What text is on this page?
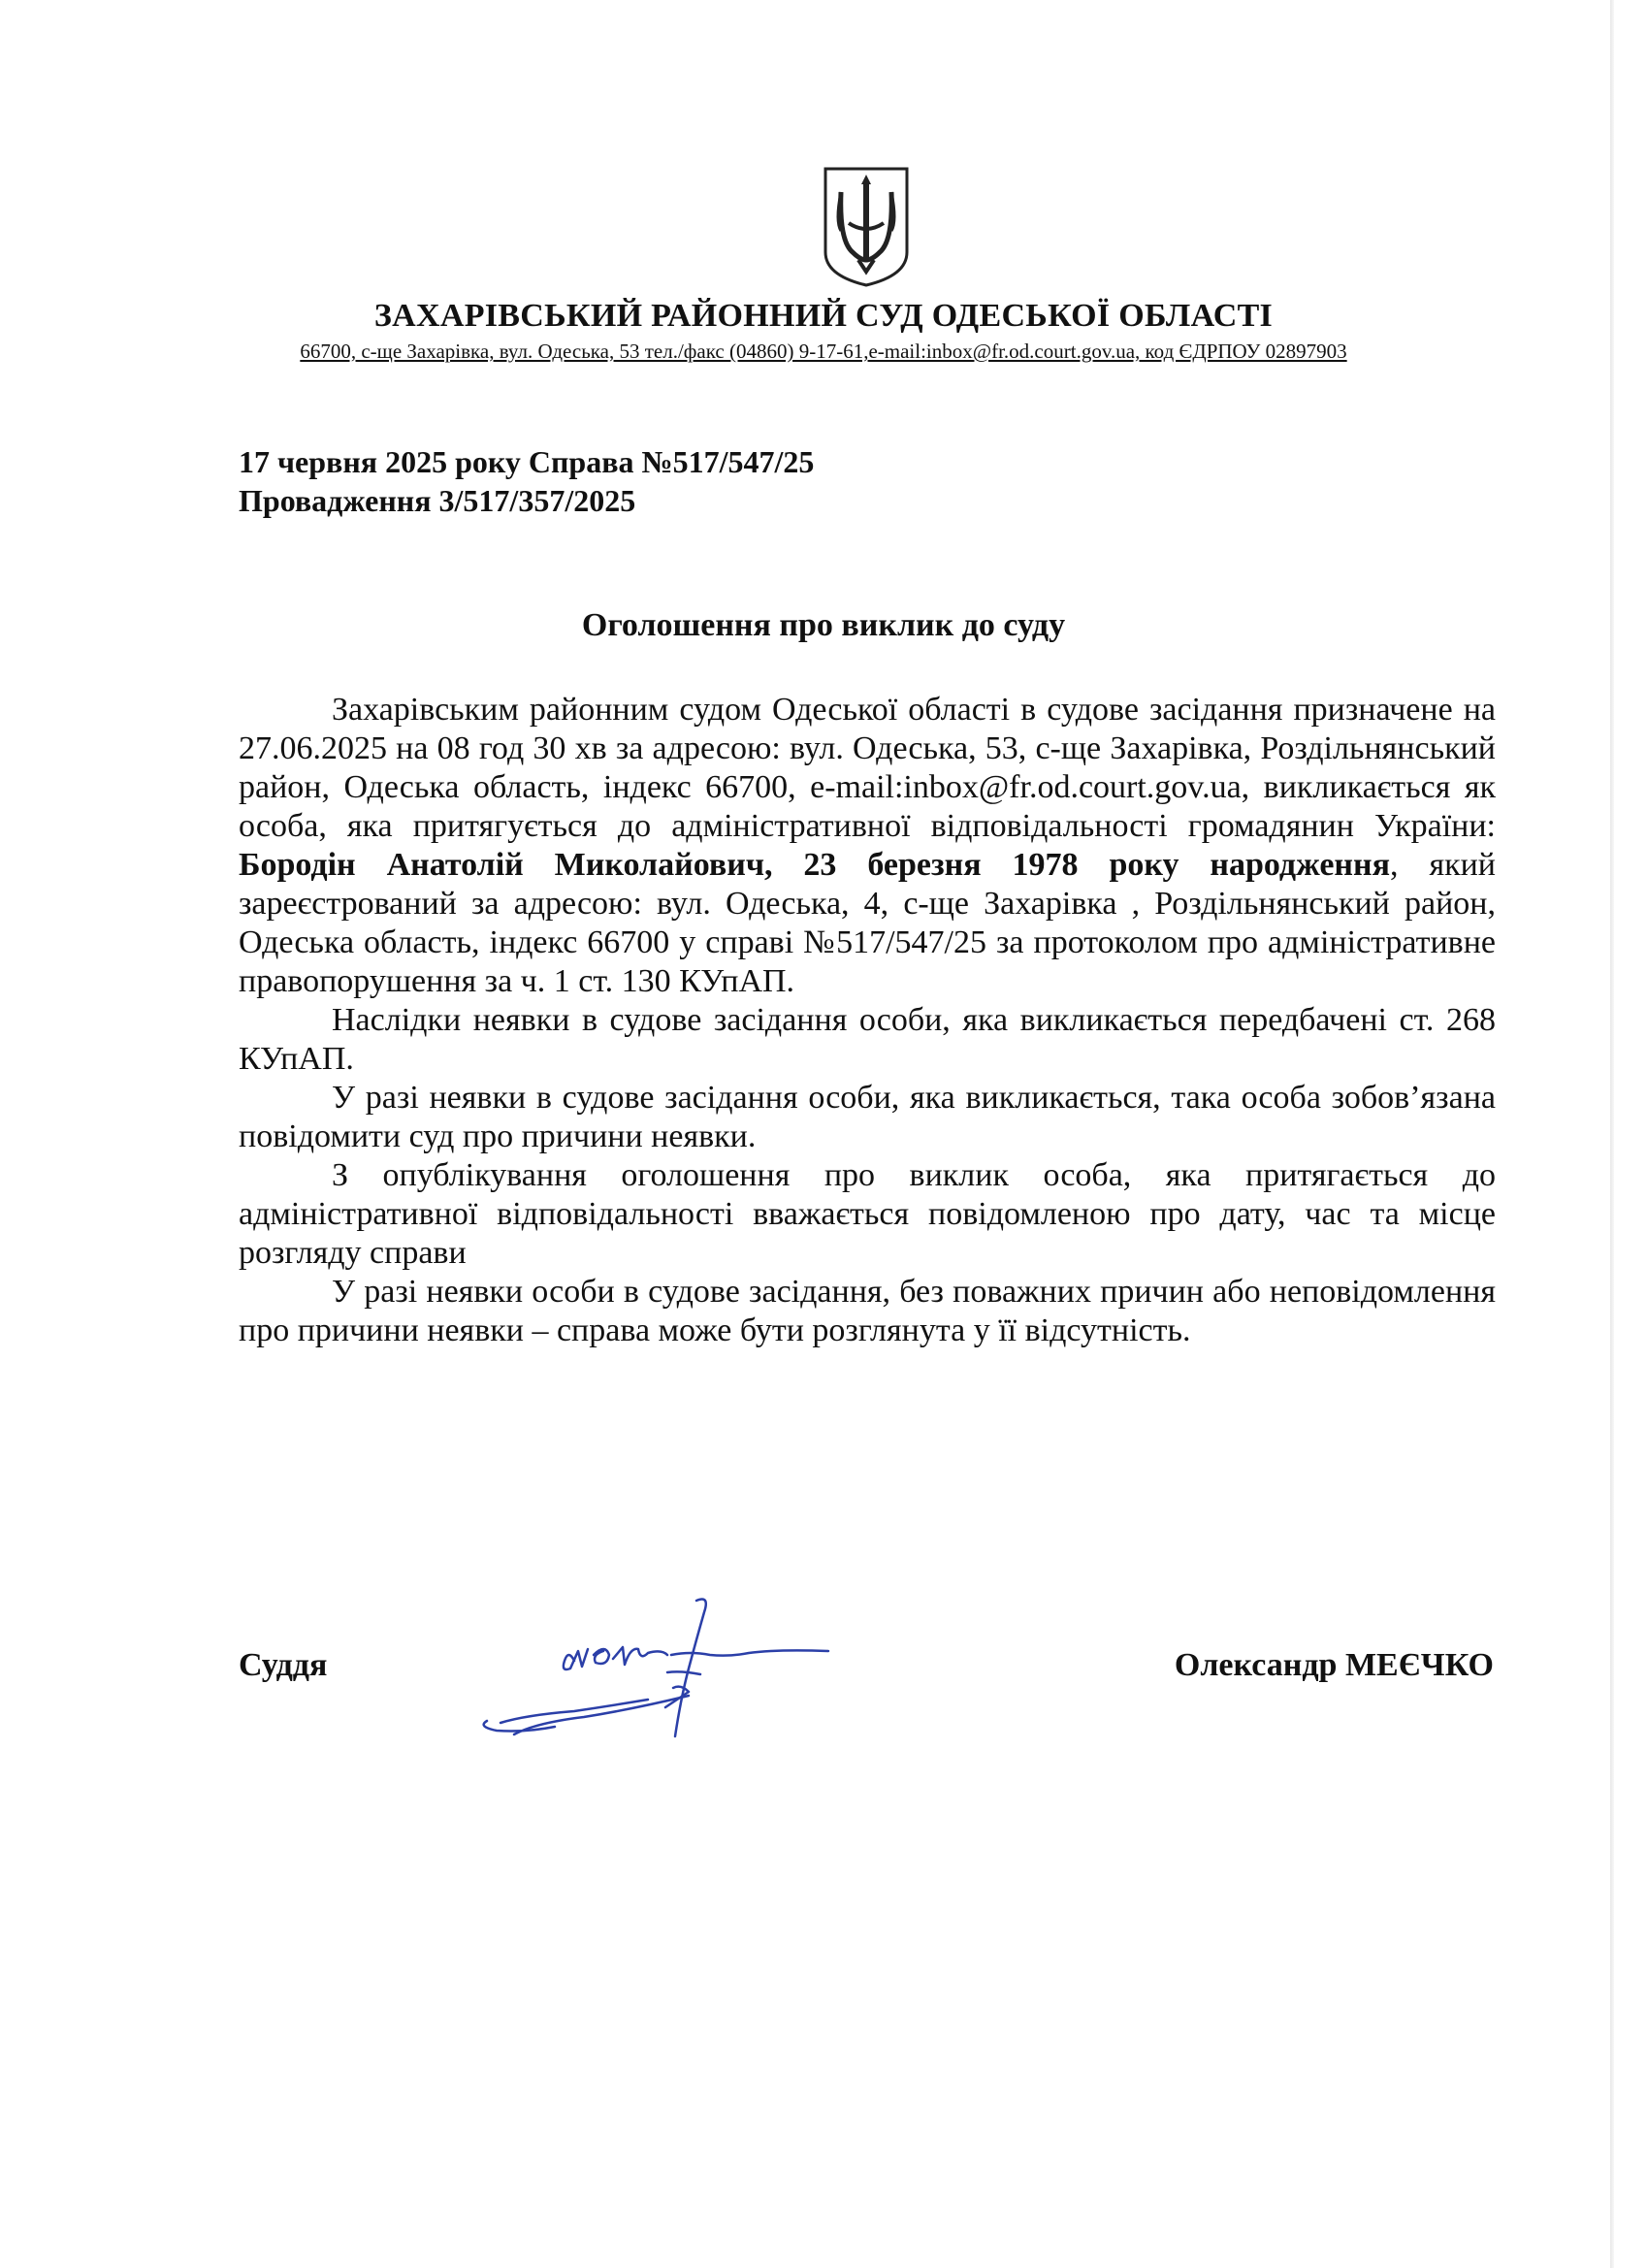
ЗАХАРІВСЬКИЙ РАЙОННИЙ СУД ОДЕСЬКОЇ ОБЛАСТІ
66700, с-ще Захарівка, вул. Одеська, 53 тел./факс (04860) 9-17-61,e-mail:inbox@fr.od.court.gov.ua, код ЄДРПОУ 02897903
17 червня 2025 року Справа №517/547/25
Провадження 3/517/357/2025
Оголошення про виклик до суду

Захарівським районним судом Одеської області в судове засідання призначене на 27.06.2025 на 08 год 30 хв за адресою: вул. Одеська, 53, с-ще Захарівка, Роздільнянський район, Одеська область, індекс 66700, e-mail:inbox@fr.od.court.gov.ua, викликається як особа, яка притягується до адміністративної відповідальності громадянин України: Бородін Анатолій Миколайович, 23 березня 1978 року народження, який зареєстрований за адресою: вул. Одеська, 4, с-ще Захарівка , Роздільнянський район, Одеська область, індекс 66700 у справі №517/547/25 за протоколом про адміністративне правопорушення за ч. 1 ст. 130 КУпАП.

Наслідки неявки в судове засідання особи, яка викликається передбачені ст. 268 КУпАП.

У разі неявки в судове засідання особи, яка викликається, така особа зобов’язана повідомити суд про причини неявки.

З опублікування оголошення про виклик особа, яка притягається до адміністративної відповідальності вважається повідомленою про дату, час та місце розгляду справи

У разі неявки особи в судове засідання, без поважних причин або неповідомлення про причини неявки – справа може бути розглянута у її відсутність.

Суддя	Олександр МЕЄЧКО
